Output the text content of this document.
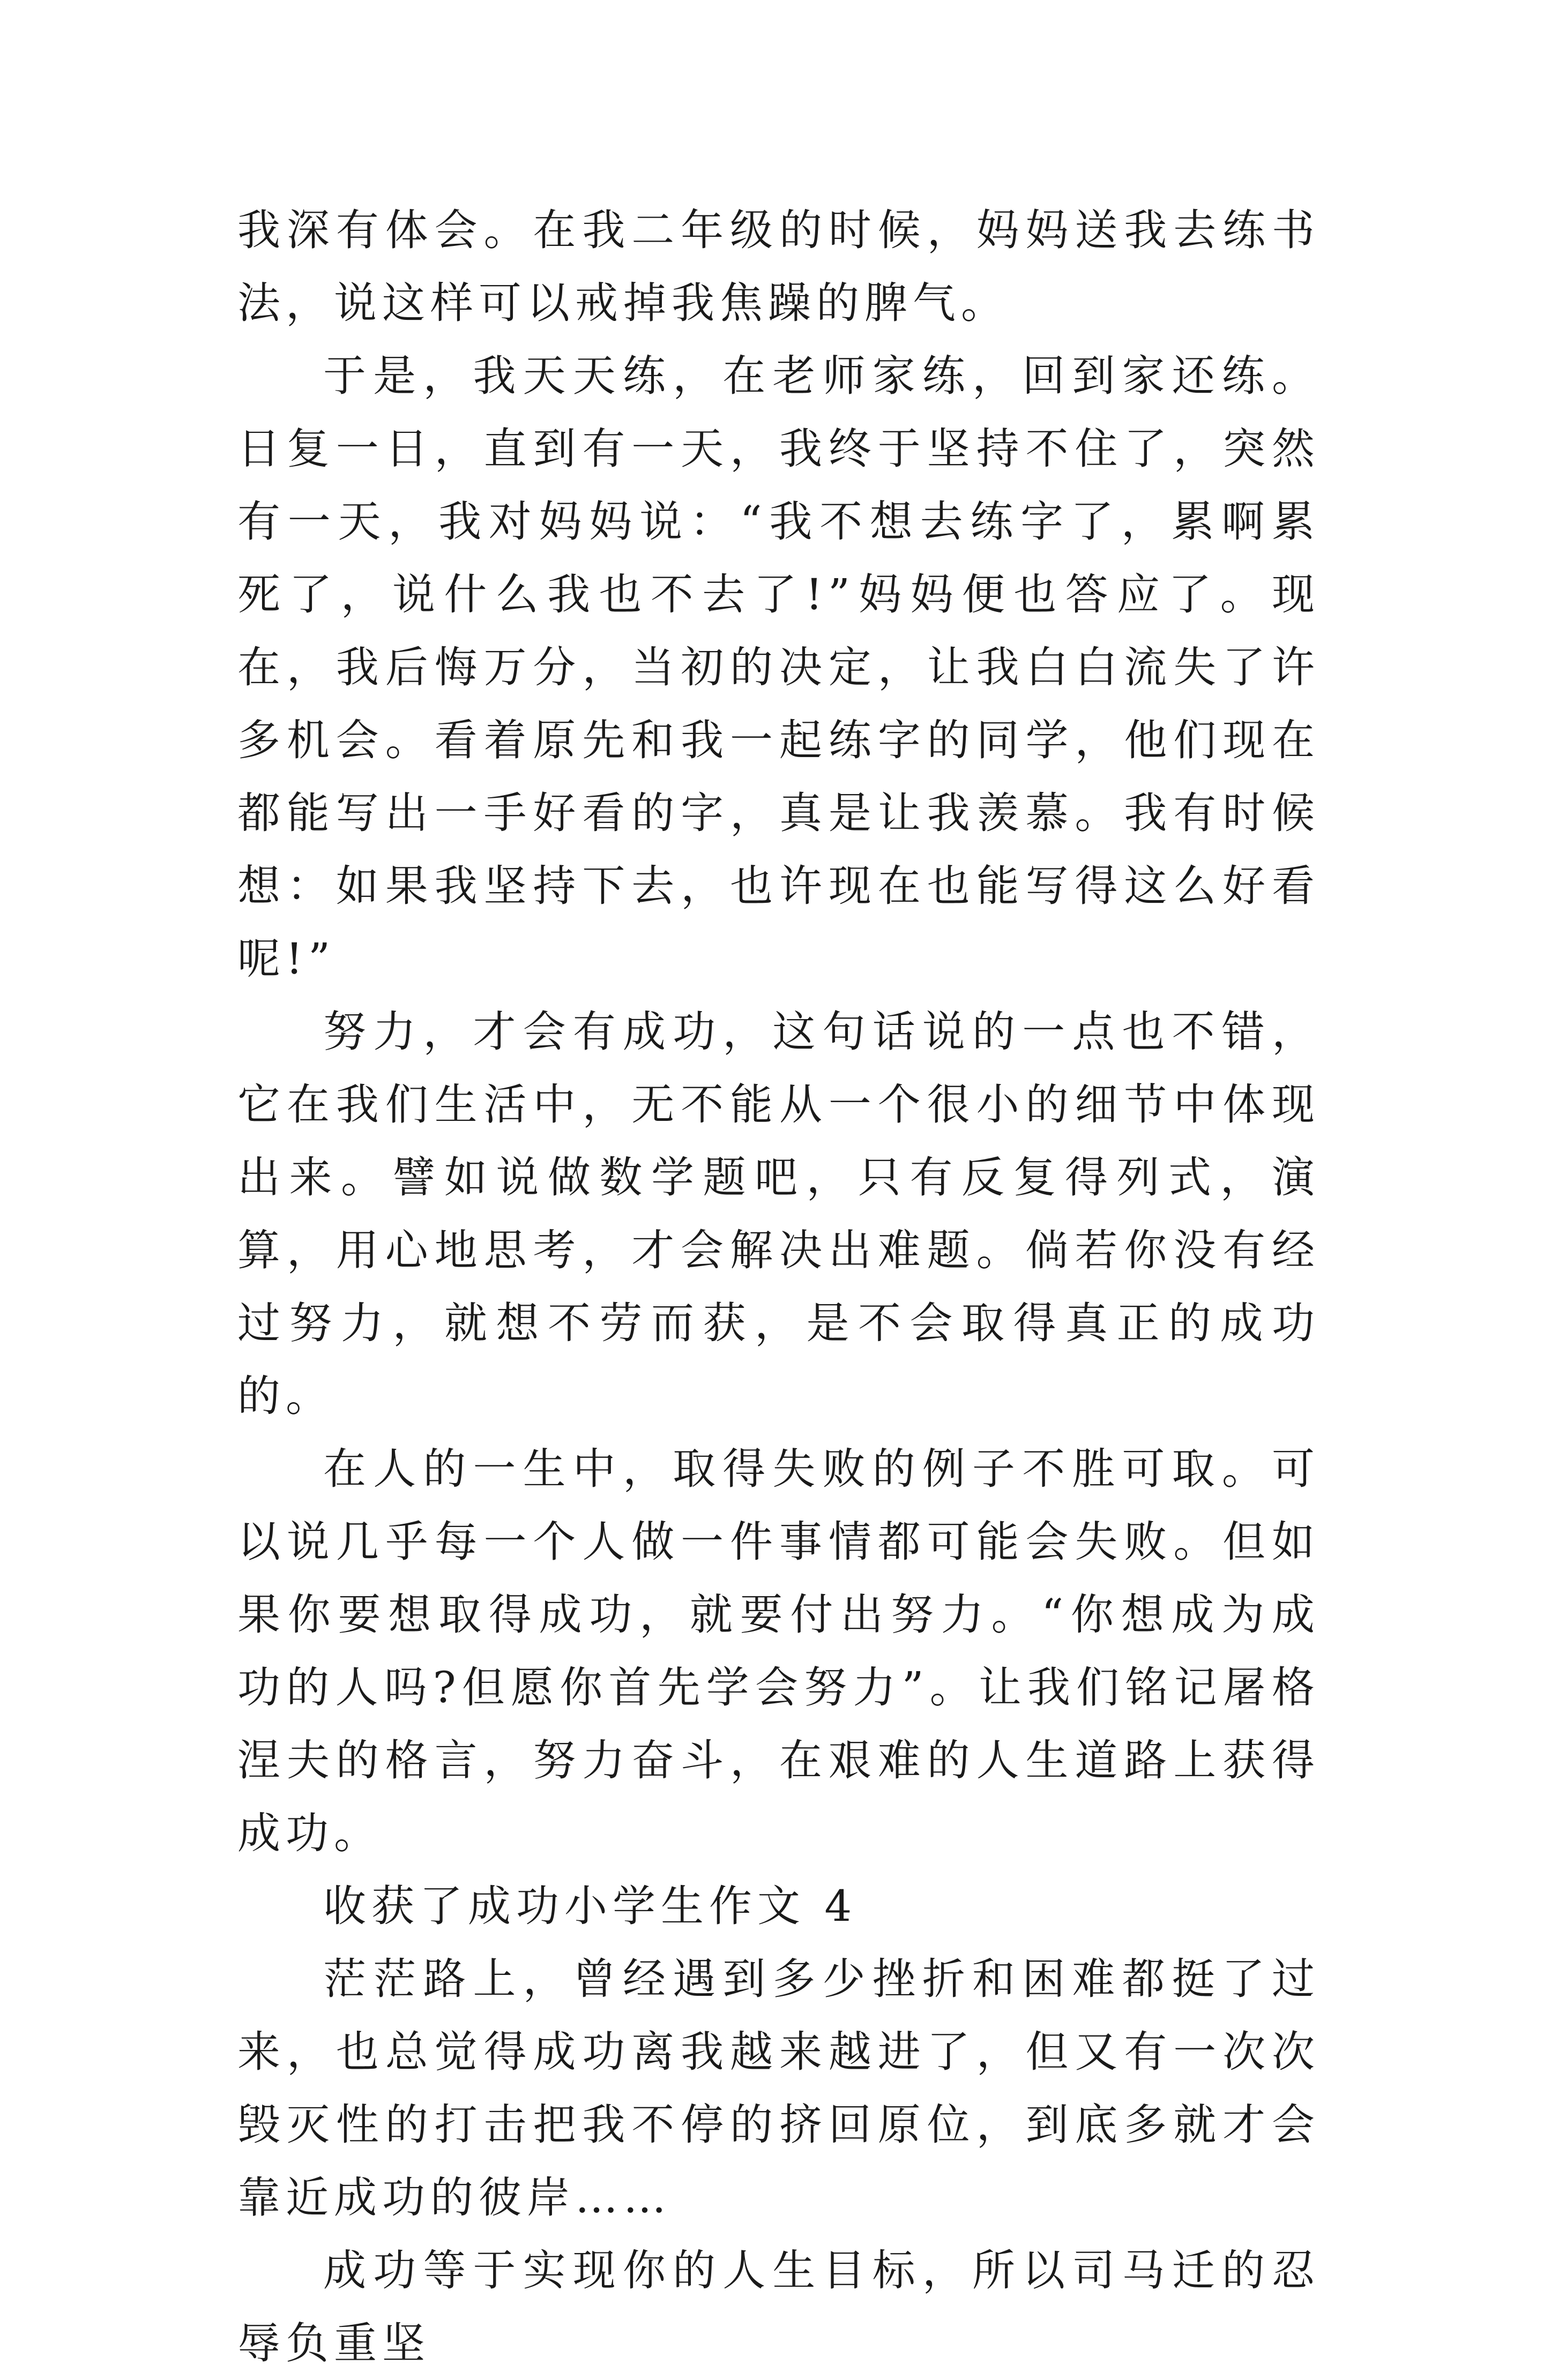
我深有体会。在我二年级的时候，妈妈送我去练书法，说这样可以戒掉我焦躁的脾气。

于是，我天天练，在老师家练，回到家还练。日复一日，直到有一天，我终于坚持不住了，突然有一天，我对妈妈说：“我不想去练字了，累啊累死了，说什么我也不去了!”妈妈便也答应了。现在，我后悔万分，当初的决定，让我白白流失了许多机会。看着原先和我一起练字的同学，他们现在都能写出一手好看的字，真是让我羡慕。我有时候想：如果我坚持下去，也许现在也能写得这么好看呢!”

努力，才会有成功，这句话说的一点也不错，它在我们生活中，无不能从一个很小的细节中体现出来。譬如说做数学题吧，只有反复得列式，演算，用心地思考，才会解决出难题。倘若你没有经过努力，就想不劳而获，是不会取得真正的成功的。

在人的一生中，取得失败的例子不胜可取。可以说几乎每一个人做一件事情都可能会失败。但如果你要想取得成功，就要付出努力。“你想成为成功的人吗?但愿你首先学会努力”。让我们铭记屠格涅夫的格言，努力奋斗，在艰难的人生道路上获得成功。

收获了成功小学生作文 4

茫茫路上，曾经遇到多少挫折和困难都挺了过来，也总觉得成功离我越来越进了，但又有一次次毁灭性的打击把我不停的挤回原位，到底多就才会靠近成功的彼岸……

成功等于实现你的人生目标，所以司马迁的忍辱负重坚
